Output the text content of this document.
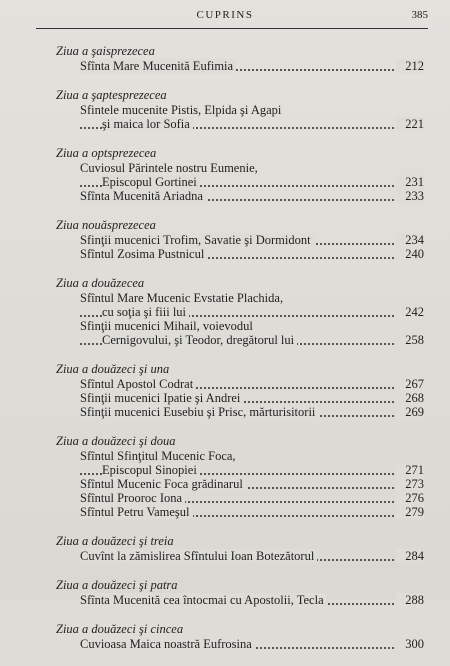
CUPRINS	385
Ziua a şaisprezecea
Sfînta Mare Mucenită Eufimia	212
Ziua a şaptesprezecea
Sfintele mucenite Pistis, Elpida şi Agapi
şi maica lor Sofia	221
Ziua a optsprezecea
Cuviosul Părintele nostru Eumenie,
Episcopul Gortinei	231
Sfînta Mucenită Ariadna	233
Ziua nouăsprezecea
Sfinţii mucenici Trofim, Savatie şi Dormidont	234
Sfîntul Zosima Pustnicul	240
Ziua a douăzecea
Sfîntul Mare Mucenic Evstatie Plachida,
cu soţia şi fiii lui	242
Sfinţii mucenici Mihail, voievodul
Cernigovului, şi Teodor, dregătorul lui	258
Ziua a douăzeci şi una
Sfîntul Apostol Codrat	267
Sfinţii mucenici Ipatie şi Andrei	268
Sfinţii mucenici Eusebiu şi Prisc, mărturisitorii	269
Ziua a douăzeci şi doua
Sfîntul Sfinţitul Mucenic Foca,
Episcopul Sinopiei	271
Sfîntul Mucenic Foca grădinarul	273
Sfîntul Prooroc Iona	276
Sfîntul Petru Vameşul	279
Ziua a douăzeci şi treia
Cuvînt la zămislirea Sfîntului Ioan Botezătorul	284
Ziua a douăzeci şi patra
Sfînta Mucenită cea întocmai cu Apostolii, Tecla	288
Ziua a douăzeci şi cincea
Cuvioasa Maica noastră Eufrosina	300
